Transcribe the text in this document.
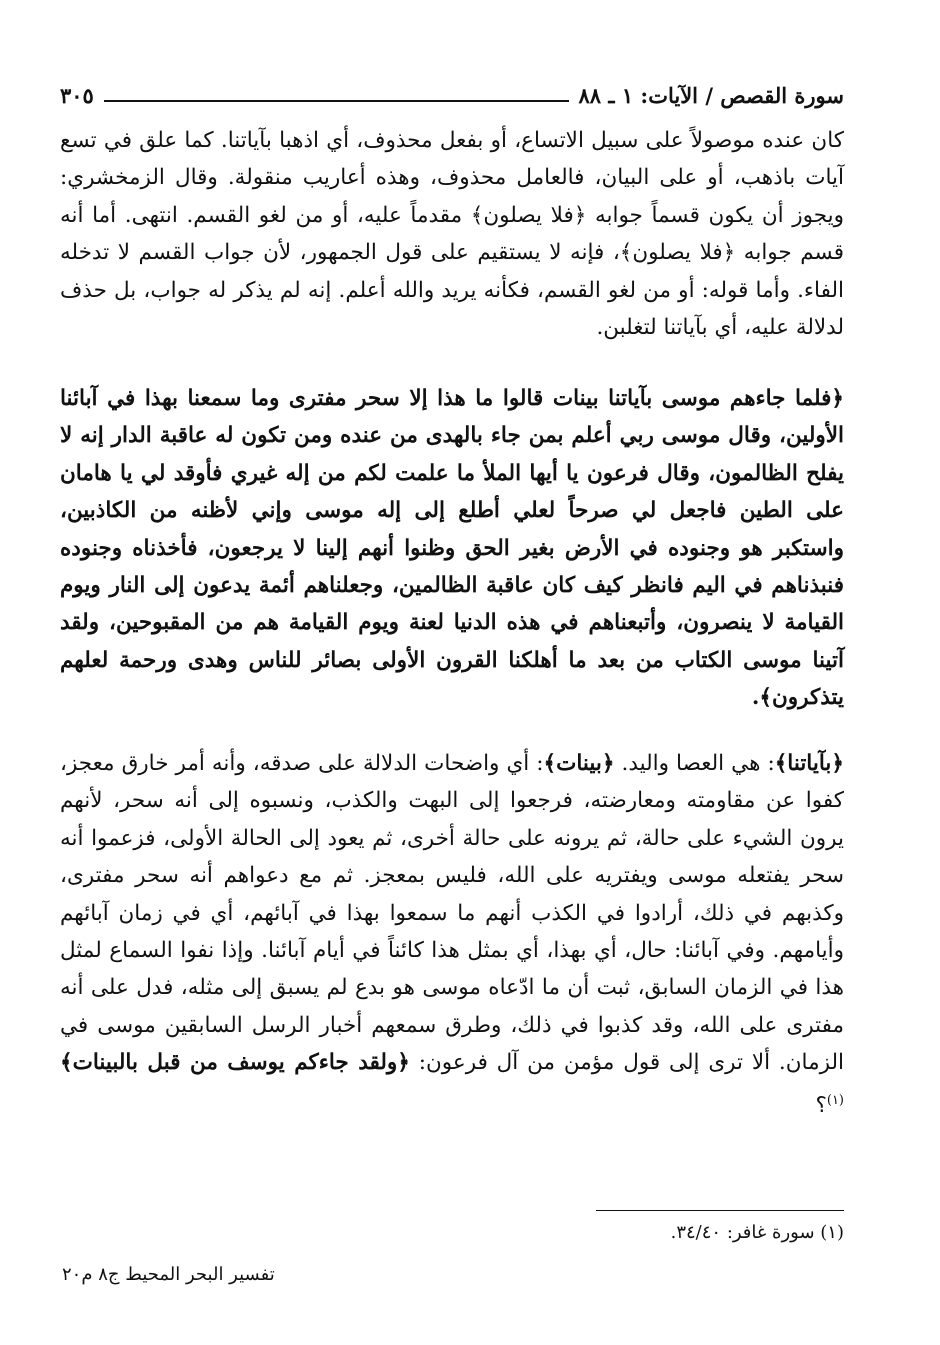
سورة القصص / الآيات: ١ ـ ٨٨
٣٠٥

كان عنده موصولاً على سبيل الاتساع، أو بفعل محذوف، أي اذهبا بآياتنا. كما علق في تسع آيات باذهب، أو على البيان، فالعامل محذوف، وهذه أعاريب منقولة. وقال الزمخشري: ويجوز أن يكون قسماً جوابه ﴿فلا يصلون﴾ مقدماً عليه، أو من لغو القسم. انتهى. أما أنه قسم جوابه ﴿فلا يصلون﴾، فإنه لا يستقيم على قول الجمهور، لأن جواب القسم لا تدخله الفاء. وأما قوله: أو من لغو القسم، فكأنه يريد والله أعلم. إنه لم يذكر له جواب، بل حذف لدلالة عليه، أي بآياتنا لتغلبن.

﴿فلما جاءهم موسى بآياتنا بينات قالوا ما هذا إلا سحر مفترى وما سمعنا بهذا في آبائنا الأولين، وقال موسى ربي أعلم بمن جاء بالهدى من عنده ومن تكون له عاقبة الدار إنه لا يفلح الظالمون، وقال فرعون يا أيها الملأ ما علمت لكم من إله غيري فأوقد لي يا هامان على الطين فاجعل لي صرحاً لعلي أطلع إلى إله موسى وإني لأظنه من الكاذبين، واستكبر هو وجنوده في الأرض بغير الحق وظنوا أنهم إلينا لا يرجعون، فأخذناه وجنوده فنبذناهم في اليم فانظر كيف كان عاقبة الظالمين، وجعلناهم أئمة يدعون إلى النار ويوم القيامة لا ينصرون، وأتبعناهم في هذه الدنيا لعنة ويوم القيامة هم من المقبوحين، ولقد آتينا موسى الكتاب من بعد ما أهلكنا القرون الأولى بصائر للناس وهدى ورحمة لعلهم يتذكرون﴾.

﴿بآياتنا﴾: هي العصا واليد. ﴿بينات﴾: أي واضحات الدلالة على صدقه، وأنه أمر خارق معجز، كفوا عن مقاومته ومعارضته، فرجعوا إلى البهت والكذب، ونسبوه إلى أنه سحر، لأنهم يرون الشيء على حالة، ثم يرونه على حالة أخرى، ثم يعود إلى الحالة الأولى، فزعموا أنه سحر يفتعله موسى ويفتريه على الله، فليس بمعجز. ثم مع دعواهم أنه سحر مفترى، وكذبهم في ذلك، أرادوا في الكذب أنهم ما سمعوا بهذا في آبائهم، أي في زمان آبائهم وأيامهم. وفي آبائنا: حال، أي بهذا، أي بمثل هذا كائناً في أيام آبائنا. وإذا نفوا السماع لمثل هذا في الزمان السابق، ثبت أن ما ادّعاه موسى هو بدع لم يسبق إلى مثله، فدل على أنه مفترى على الله، وقد كذبوا في ذلك، وطرق سمعهم أخبار الرسل السابقين موسى في الزمان. ألا ترى إلى قول مؤمن من آل فرعون: ﴿ولقد جاءكم يوسف من قبل بالبينات﴾$^{(١)}$؟

(١) سورة غافر: ٣٤/٤٠.
تفسير البحر المحيط ج٨ م٢٠
